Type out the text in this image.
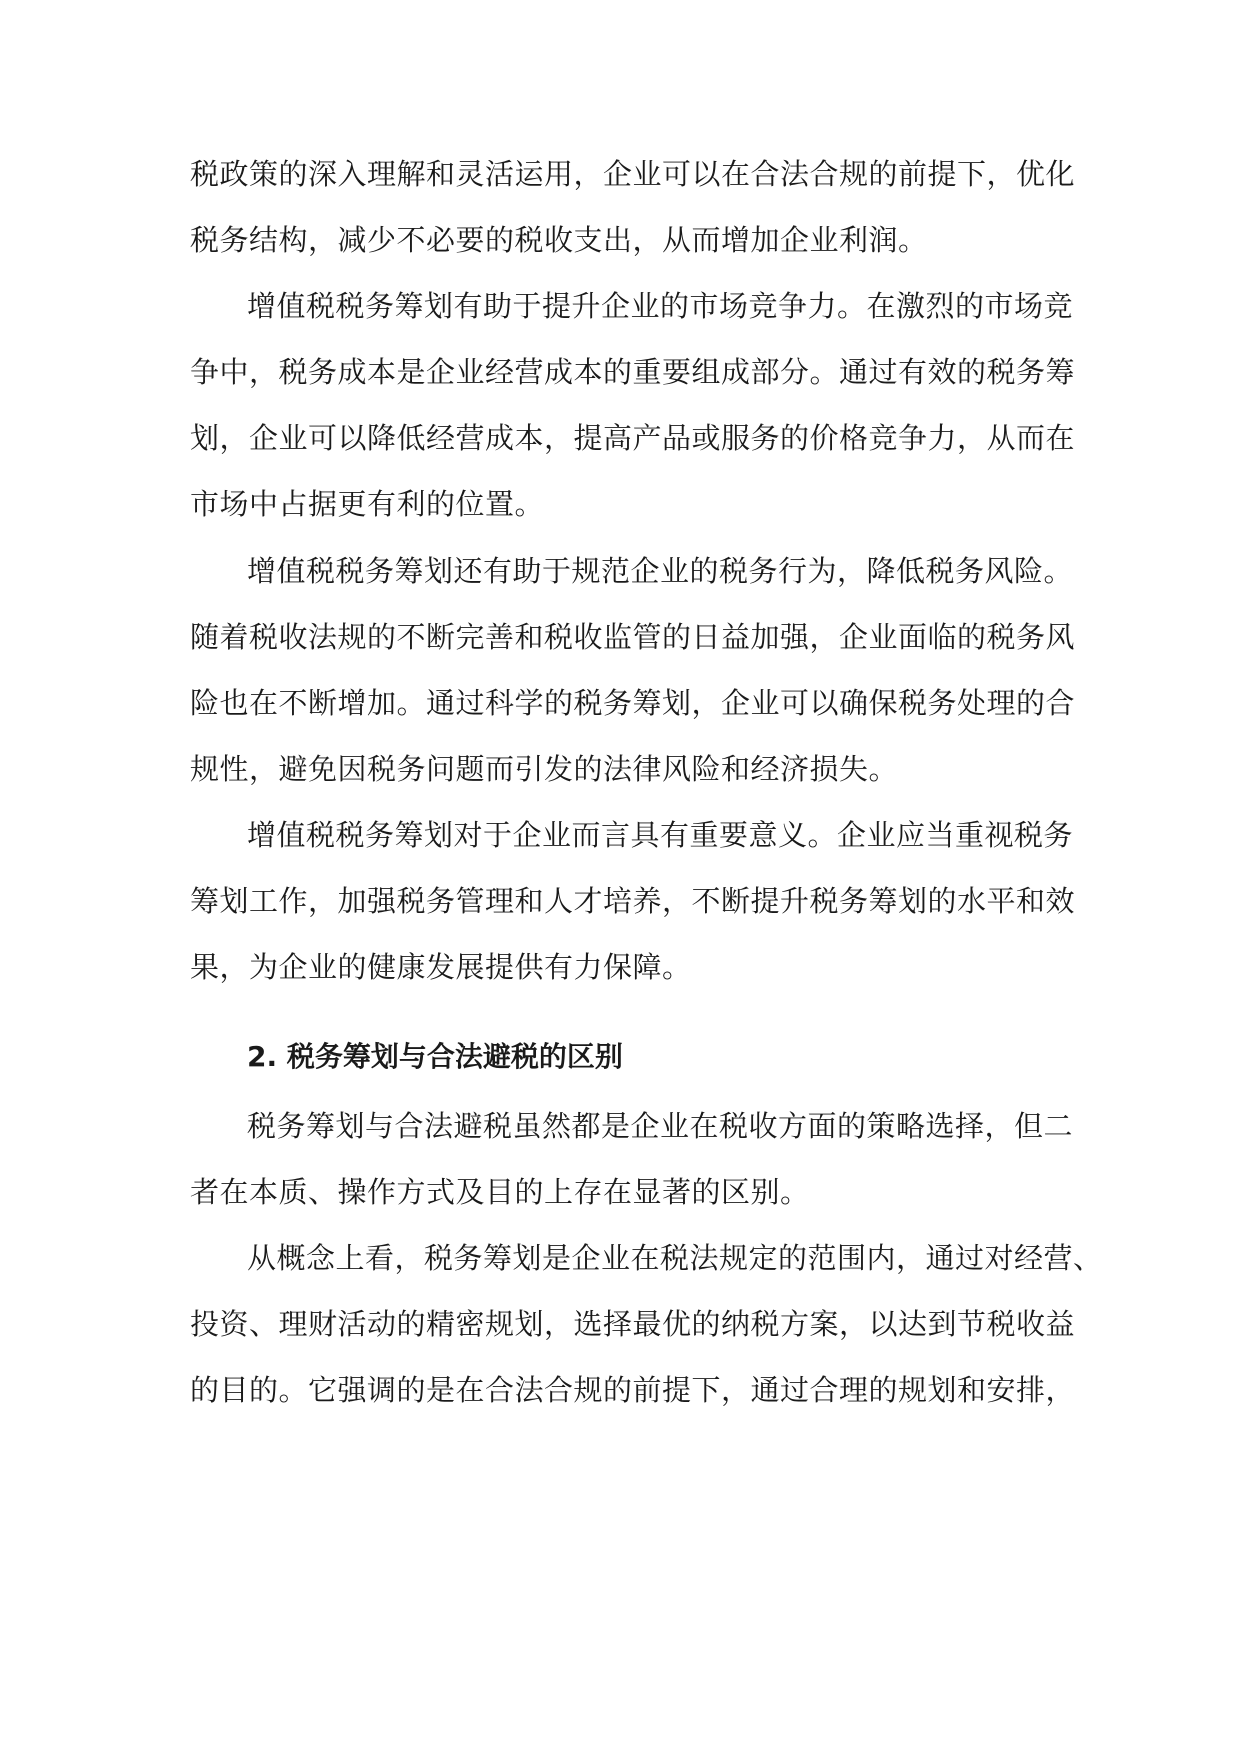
税政策的深入理解和灵活运用，企业可以在合法合规的前提下，优化
税务结构，减少不必要的税收支出，从而增加企业利润。
增值税税务筹划有助于提升企业的市场竞争力。在激烈的市场竞
争中，税务成本是企业经营成本的重要组成部分。通过有效的税务筹
划，企业可以降低经营成本，提高产品或服务的价格竞争力，从而在
市场中占据更有利的位置。
增值税税务筹划还有助于规范企业的税务行为，降低税务风险。
随着税收法规的不断完善和税收监管的日益加强，企业面临的税务风
险也在不断增加。通过科学的税务筹划，企业可以确保税务处理的合
规性，避免因税务问题而引发的法律风险和经济损失。
增值税税务筹划对于企业而言具有重要意义。企业应当重视税务
筹划工作，加强税务管理和人才培养，不断提升税务筹划的水平和效
果，为企业的健康发展提供有力保障。
2. 税务筹划与合法避税的区别
税务筹划与合法避税虽然都是企业在税收方面的策略选择，但二
者在本质、操作方式及目的上存在显著的区别。
从概念上看，税务筹划是企业在税法规定的范围内，通过对经营、
投资、理财活动的精密规划，选择最优的纳税方案，以达到节税收益
的目的。它强调的是在合法合规的前提下，通过合理的规划和安排，
